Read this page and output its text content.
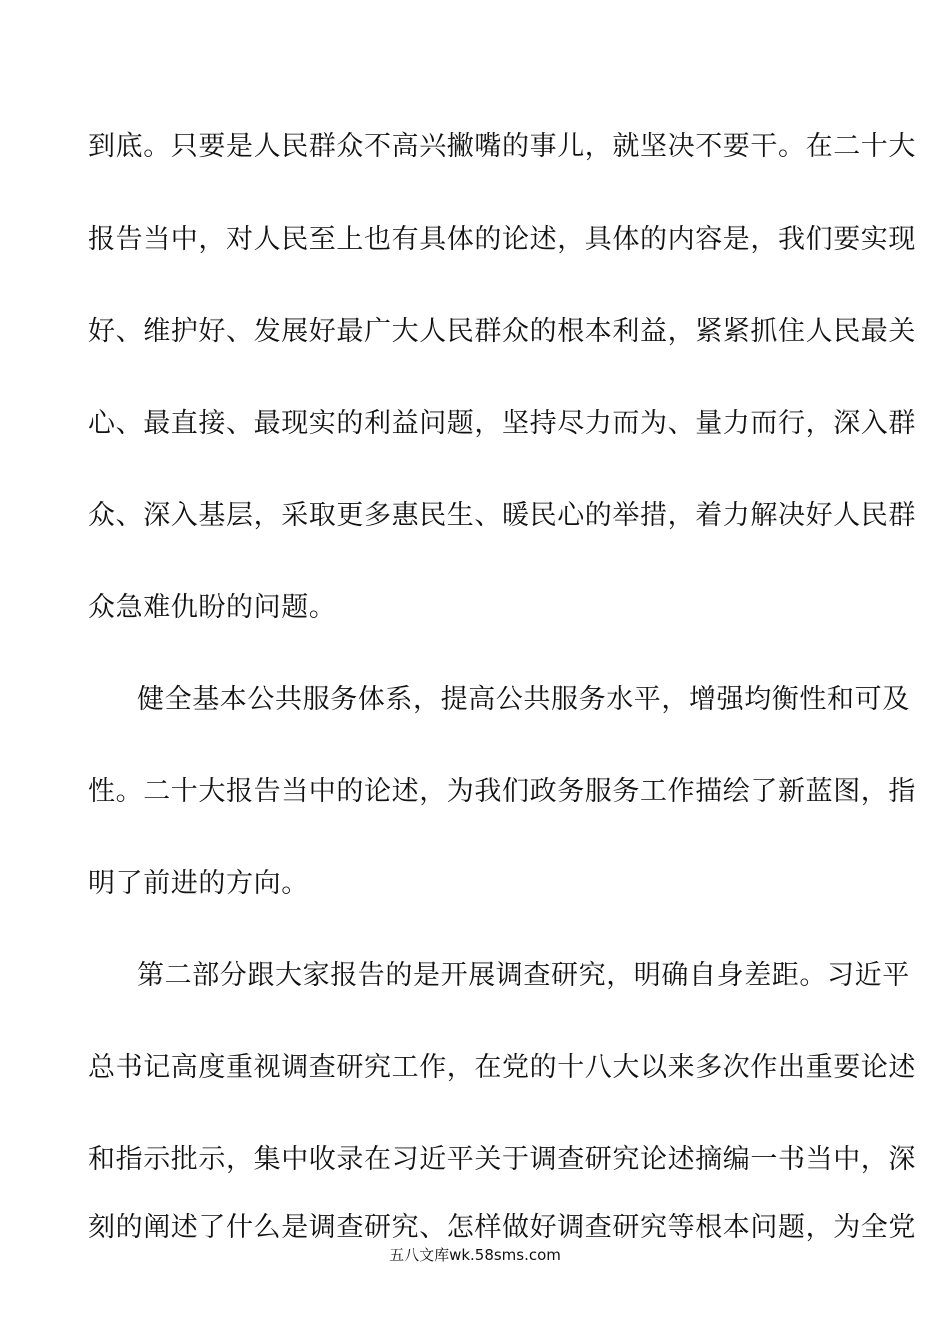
到底。只要是人民群众不高兴撇嘴的事儿，就坚决不要干。在二十大
报告当中，对人民至上也有具体的论述，具体的内容是，我们要实现
好、维护好、发展好最广大人民群众的根本利益，紧紧抓住人民最关
心、最直接、最现实的利益问题，坚持尽力而为、量力而行，深入群
众、深入基层，采取更多惠民生、暖民心的举措，着力解决好人民群
众急难仇盼的问题。
健全基本公共服务体系，提高公共服务水平，增强均衡性和可及
性。二十大报告当中的论述，为我们政务服务工作描绘了新蓝图，指
明了前进的方向。
第二部分跟大家报告的是开展调查研究，明确自身差距。习近平
总书记高度重视调查研究工作，在党的十八大以来多次作出重要论述
和指示批示，集中收录在习近平关于调查研究论述摘编一书当中，深
刻的阐述了什么是调查研究、怎样做好调查研究等根本问题，为全党
五八文库wk.58sms.com
